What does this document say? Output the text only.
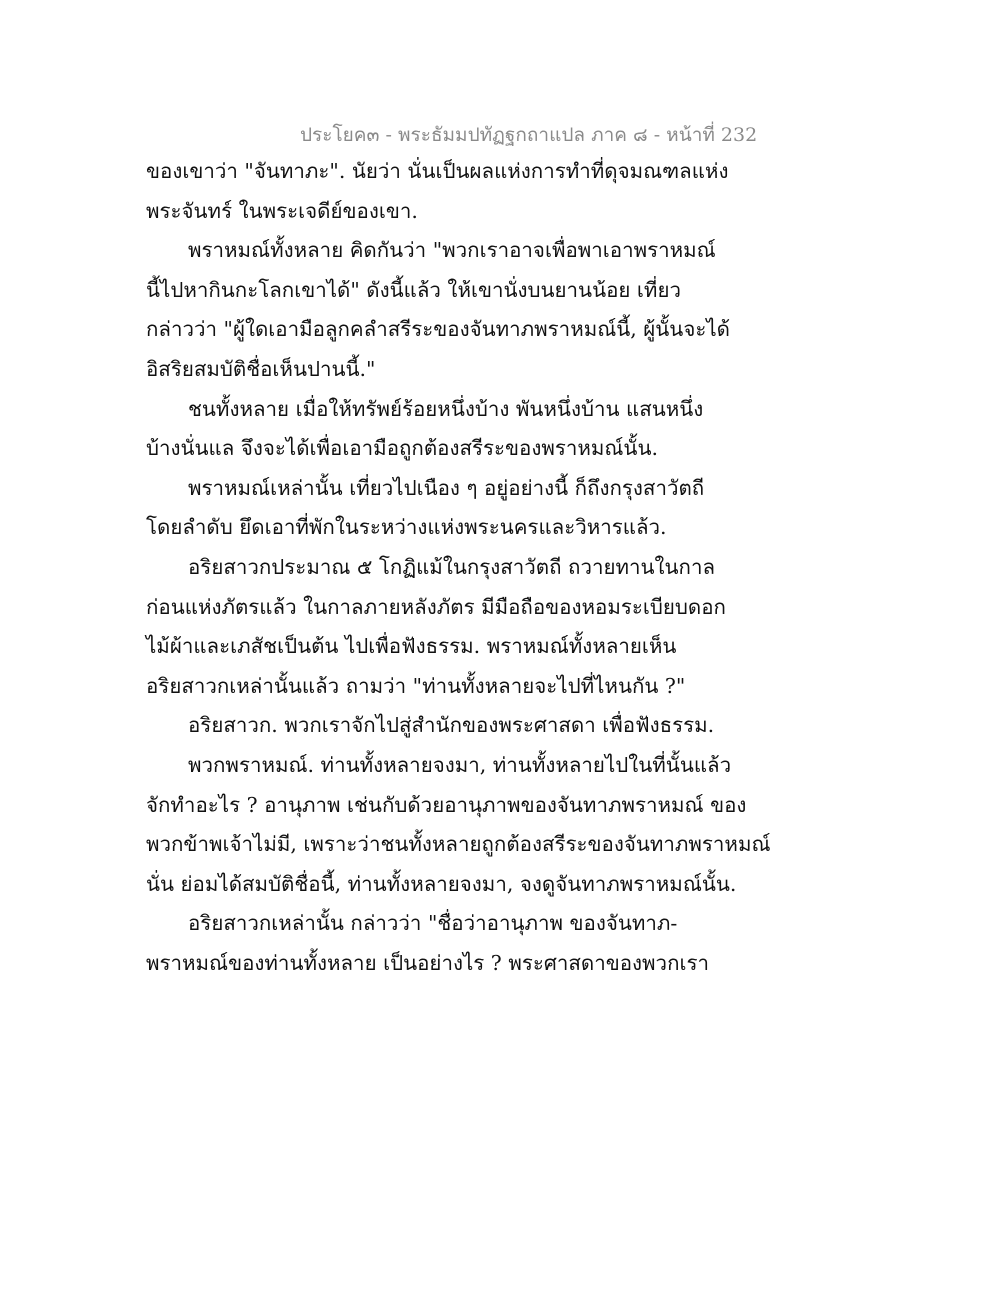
ประโยค๓ - พระธัมมปทัฏฐกถาแปล ภาค ๘ - หน้าที่ 232
ของเขาว่า "จันทาภะ". นัยว่า นั่นเป็นผลแห่งการทำที่ดุจมณฑลแห่ง
พระจันทร์ ในพระเจดีย์ของเขา.
พราหมณ์ทั้งหลาย คิดกันว่า "พวกเราอาจเพื่อพาเอาพราหมณ์
นี้ไปหากินกะโลกเขาได้" ดังนี้แล้ว ให้เขานั่งบนยานน้อย เที่ยว
กล่าวว่า "ผู้ใดเอามือลูกคลำสรีระของจันทาภพราหมณ์นี้, ผู้นั้นจะได้
อิสริยสมบัติชื่อเห็นปานนี้."
ชนทั้งหลาย เมื่อให้ทรัพย์ร้อยหนึ่งบ้าง พันหนึ่งบ้าน แสนหนึ่ง
บ้างนั่นแล จึงจะได้เพื่อเอามือถูกต้องสรีระของพราหมณ์นั้น.
พราหมณ์เหล่านั้น เที่ยวไปเนือง ๆ อยู่อย่างนี้ ก็ถึงกรุงสาวัตถี
โดยลำดับ ยึดเอาที่พักในระหว่างแห่งพระนครและวิหารแล้ว.
อริยสาวกประมาณ ๕ โกฏิแม้ในกรุงสาวัตถี ถวายทานในกาล
ก่อนแห่งภัตรแล้ว ในกาลภายหลังภัตร มีมือถือของหอมระเบียบดอก
ไม้ผ้าและเภสัชเป็นต้น ไปเพื่อฟังธรรม. พราหมณ์ทั้งหลายเห็น
อริยสาวกเหล่านั้นแล้ว ถามว่า "ท่านทั้งหลายจะไปที่ไหนกัน ?"
อริยสาวก. พวกเราจักไปสู่สำนักของพระศาสดา เพื่อฟังธรรม.
พวกพราหมณ์. ท่านทั้งหลายจงมา, ท่านทั้งหลายไปในที่นั้นแล้ว
จักทำอะไร ? อานุภาพ เช่นกับด้วยอานุภาพของจันทาภพราหมณ์ ของ
พวกข้าพเจ้าไม่มี, เพราะว่าชนทั้งหลายถูกต้องสรีระของจันทาภพราหมณ์
นั่น ย่อมได้สมบัติชื่อนี้, ท่านทั้งหลายจงมา, จงดูจันทาภพราหมณ์นั้น.
อริยสาวกเหล่านั้น กล่าวว่า "ชื่อว่าอานุภาพ ของจันทาภ-
พราหมณ์ของท่านทั้งหลาย เป็นอย่างไร ? พระศาสดาของพวกเรา
